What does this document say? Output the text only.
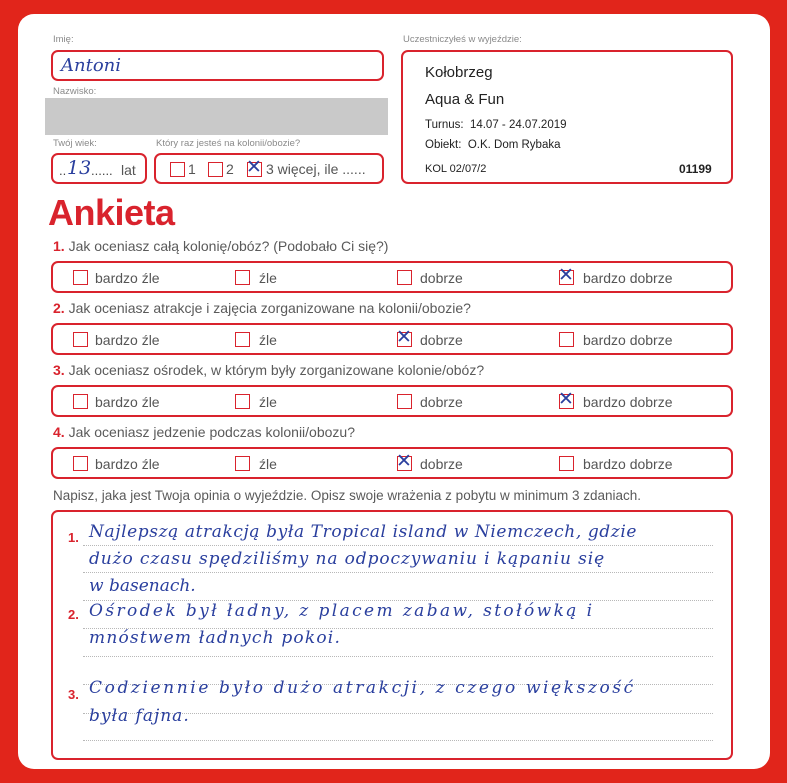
Imię:
Antoni
Nazwisko:
Twój wiek:
.. 13 ...... lat
Który raz jesteś na kolonii/obozie?
1 2 ✕ 3 więcej, ile ......
Uczestniczyłeś w wyjeździe:
Kołobrzeg
Aqua & Fun
Turnus:  14.07 - 24.07.2019
Obiekt:  O.K. Dom Rybaka
KOL 02/07/2	01199
Ankieta
1. Jak oceniasz całą kolonię/obóz? (Podobało Ci się?)
bardzo źle	źle	dobrze	✕ bardzo dobrze
2. Jak oceniasz atrakcje i zajęcia zorganizowane na kolonii/obozie?
bardzo źle	źle	✕ dobrze	bardzo dobrze
3. Jak oceniasz ośrodek, w którym były zorganizowane kolonie/obóz?
bardzo źle	źle	dobrze	✕ bardzo dobrze
4. Jak oceniasz jedzenie podczas kolonii/obozu?
bardzo źle	źle	✕ dobrze	bardzo dobrze
Napisz, jaka jest Twoja opinia o wyjeździe. Opisz swoje wrażenia z pobytu w minimum 3 zdaniach.
1. Najlepszą atrakcją była Tropical island w Niemczech, gdzie
dużo czasu spędziliśmy na odpoczywaniu i kąpaniu się
w basenach.
2. Ośrodek był ładny, z placem zabaw, stołówką i
mnóstwem ładnych pokoi.
3. Codziennie było dużo atrakcji, z czego większość
była fajna.
